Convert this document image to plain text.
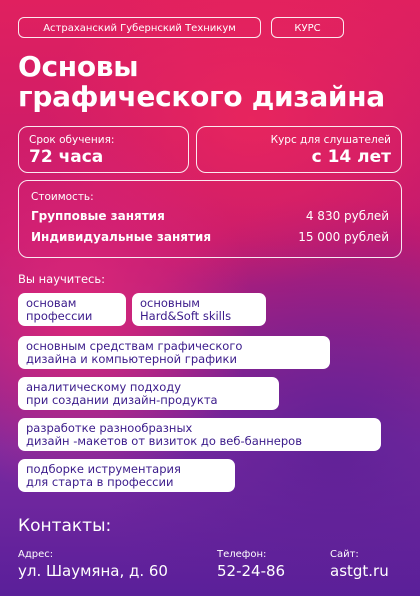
Астраханский Губернский Техникум	КУРС
Основы
графического дизайна
Срок обучения:
72 часа
Курс для слушателей
с 14 лет
Стоимость:
Групповые занятия	4 830 рублей
Индивидуальные занятия	15 000 рублей
Вы научитесь:
основам
профессии
основным
Hard&Soft skills
основным средствам графического
дизайна и компьютерной графики
аналитическому подходу
при создании дизайн-продукта
разработке разнообразных
дизайн -макетов от визиток до веб-баннеров
подборке иструментария
для старта в профессии
Контакты:
Адрес:
ул. Шаумяна, д. 60
Телефон:
52-24-86
Сайт:
astgt.ru
